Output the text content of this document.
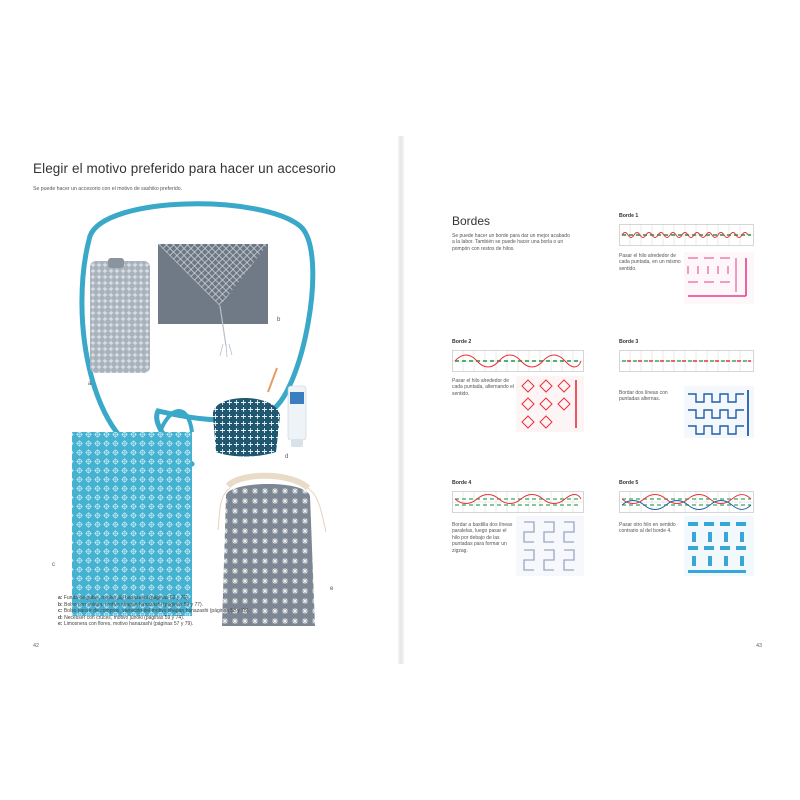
Elegir el motivo preferido para hacer un accesorio
Se puede hacer un accesorio con el motivo de sashiko preferido.
a
b
c
d
e
a: Funda de gafas, motivo jûji hanazashi (páginas 62 y 76).
b: Bolso con solapa, motivo shagan hanazashi (páginas 59 y 77).
c: Bolso para ir de compras, variación del motivo shagan hanazashi (páginas 58 y 78).
d: Necesser con cruces, motivo jûnoki (páginas 59 y 74).
e: Limosnera con flores, motivo hanazashi (páginas 57 y 79).
42
Bordes
Se puede hacer un borde para dar un mejor acabado a la labor. También se puede hacer una borla o un pompón con restos de hilos.
Borde 1
Pasar el hilo alrededor de cada puntada, en un mismo sentido.
Borde 2
Pasar el hilo alrededor de cada puntada, alternando el sentido.
Borde 3
Bordar dos líneas con puntadas alternas.
Borde 4
Bordar a bastilla dos líneas paralelas, luego pasar el hilo por debajo de las puntadas para formar un zigzag.
Borde 5
Pasar otro hilo en sentido contrario al del borde 4.
43
